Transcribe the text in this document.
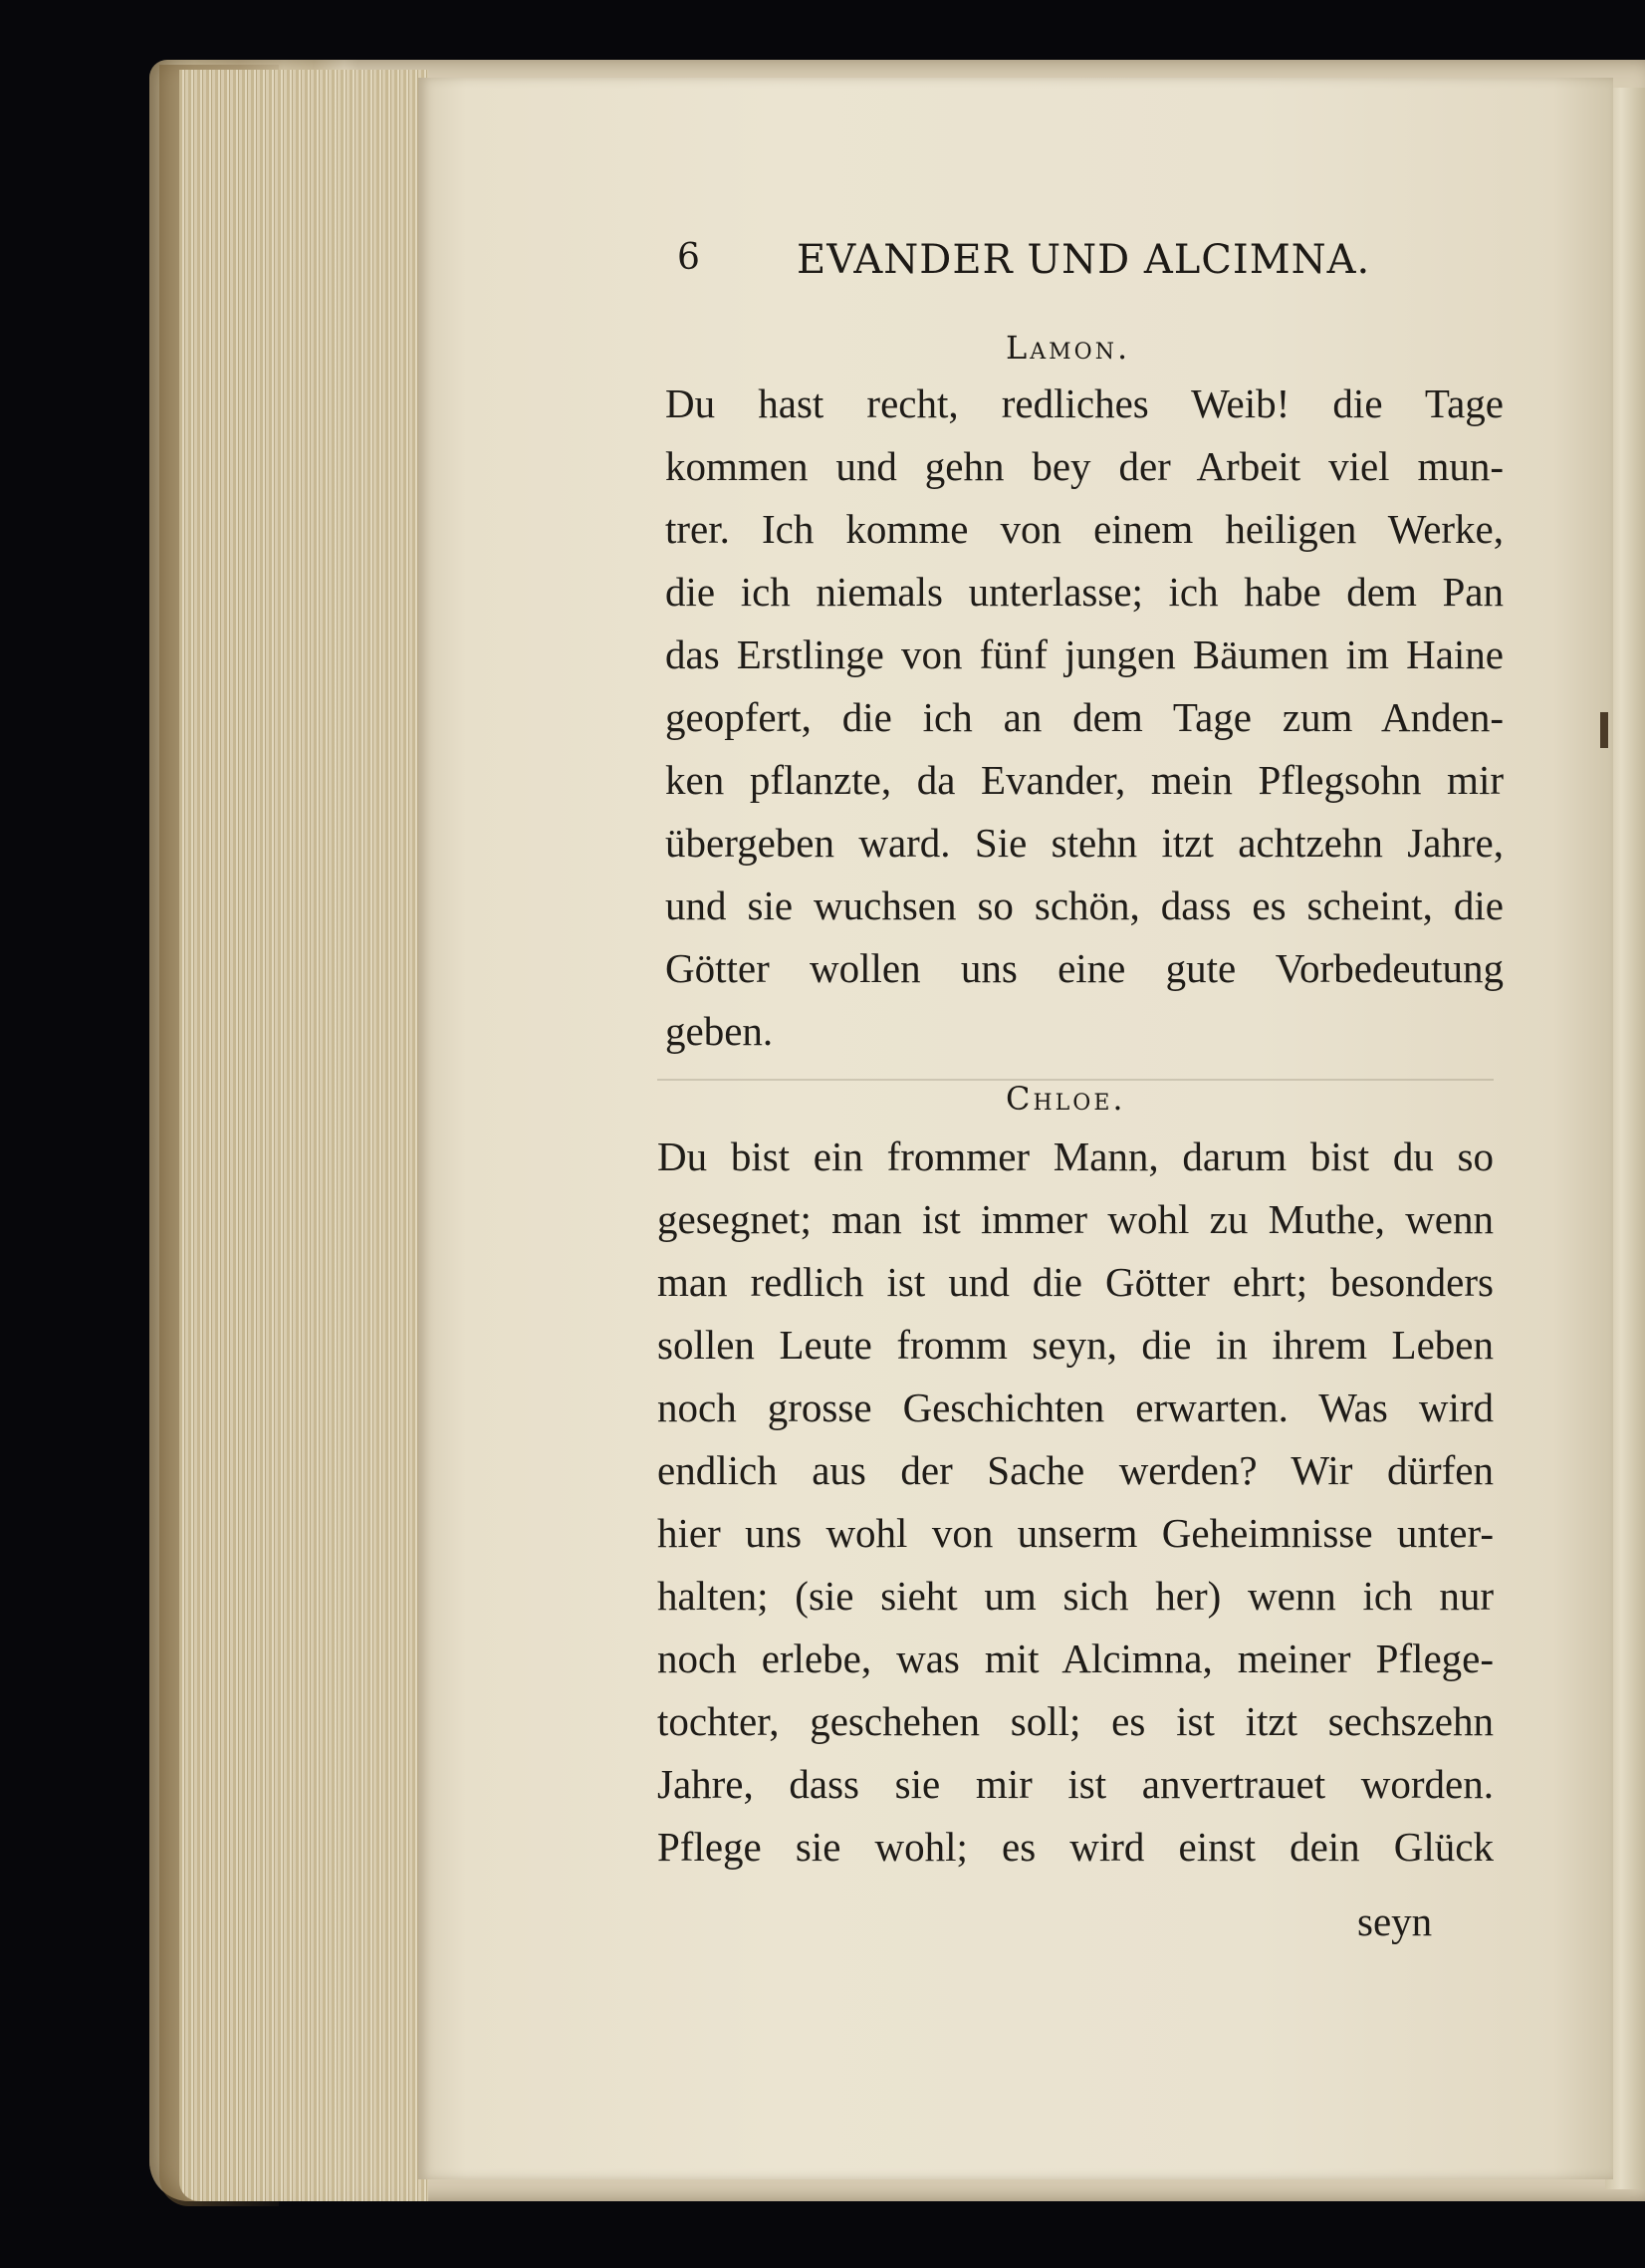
6 EVANDER UND ALCIMNA.
Lamon.
Du hast recht, redliches Weib! die Tage
kommen und gehn bey der Arbeit viel mun-
trer. Ich komme von einem heiligen Werke,
die ich niemals unterlasse; ich habe dem Pan
das Erstlinge von fünf jungen Bäumen im Haine
geopfert, die ich an dem Tage zum Anden-
ken pflanzte, da Evander, mein Pflegsohn mir
übergeben ward. Sie stehn itzt achtzehn Jahre,
und sie wuchsen so schön, dass es scheint, die
Götter wollen uns eine gute Vorbedeutung
geben.
Chloe.
Du bist ein frommer Mann, darum bist du so
gesegnet; man ist immer wohl zu Muthe, wenn
man redlich ist und die Götter ehrt; besonders
sollen Leute fromm seyn, die in ihrem Leben
noch grosse Geschichten erwarten. Was wird
endlich aus der Sache werden? Wir dürfen
hier uns wohl von unserm Geheimnisse unter-
halten; (sie sieht um sich her) wenn ich nur
noch erlebe, was mit Alcimna, meiner Pflege-
tochter, geschehen soll; es ist itzt sechszehn
Jahre, dass sie mir ist anvertrauet worden.
Pflege sie wohl; es wird einst dein Glück
seyn
